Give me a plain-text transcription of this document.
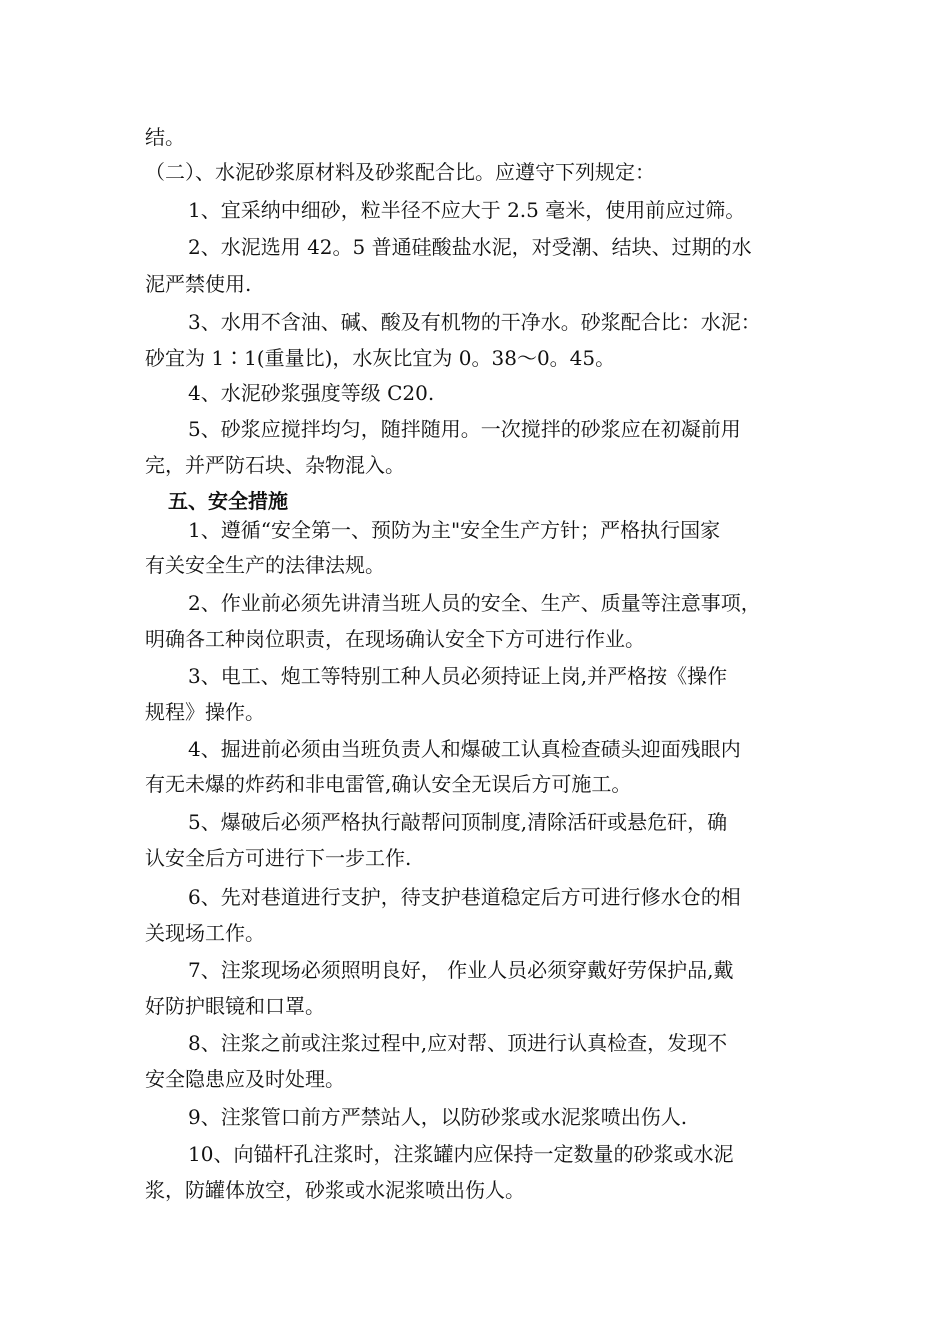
结。
（二）、水泥砂浆原材料及砂浆配合比。应遵守下列规定：
1、宜采纳中细砂，粒半径不应大于 2.5 毫米，使用前应过筛。
2、水泥选用 42。5 普通硅酸盐水泥，对受潮、结块、过期的水
泥严禁使用.
3、水用不含油、碱、酸及有机物的干净水。砂浆配合比：水泥：
砂宜为 1∶1(重量比)，水灰比宜为 0。38～0。45。
4、水泥砂浆强度等级 C20.
5、砂浆应搅拌均匀，随拌随用。一次搅拌的砂浆应在初凝前用
完，并严防石块、杂物混入。
五、安全措施
1、遵循“安全第一、预防为主"安全生产方针；严格执行国家
有关安全生产的法律法规。
2、作业前必须先讲清当班人员的安全、生产、质量等注意事项，
明确各工种岗位职责，在现场确认安全下方可进行作业。
3、电工、炮工等特别工种人员必须持证上岗,并严格按《操作
规程》操作。
4、掘进前必须由当班负责人和爆破工认真检查碛头迎面残眼内
有无未爆的炸药和非电雷管,确认安全无误后方可施工。
5、爆破后必须严格执行敲帮问顶制度,清除活矸或悬危矸，确
认安全后方可进行下一步工作.
6、先对巷道进行支护，待支护巷道稳定后方可进行修水仓的相
关现场工作。
7、注浆现场必须照明良好， 作业人员必须穿戴好劳保护品,戴
好防护眼镜和口罩。
8、注浆之前或注浆过程中,应对帮、顶进行认真检查，发现不
安全隐患应及时处理。
9、注浆管口前方严禁站人，以防砂浆或水泥浆喷出伤人.
10、向锚杆孔注浆时，注浆罐内应保持一定数量的砂浆或水泥
浆，防罐体放空，砂浆或水泥浆喷出伤人。
